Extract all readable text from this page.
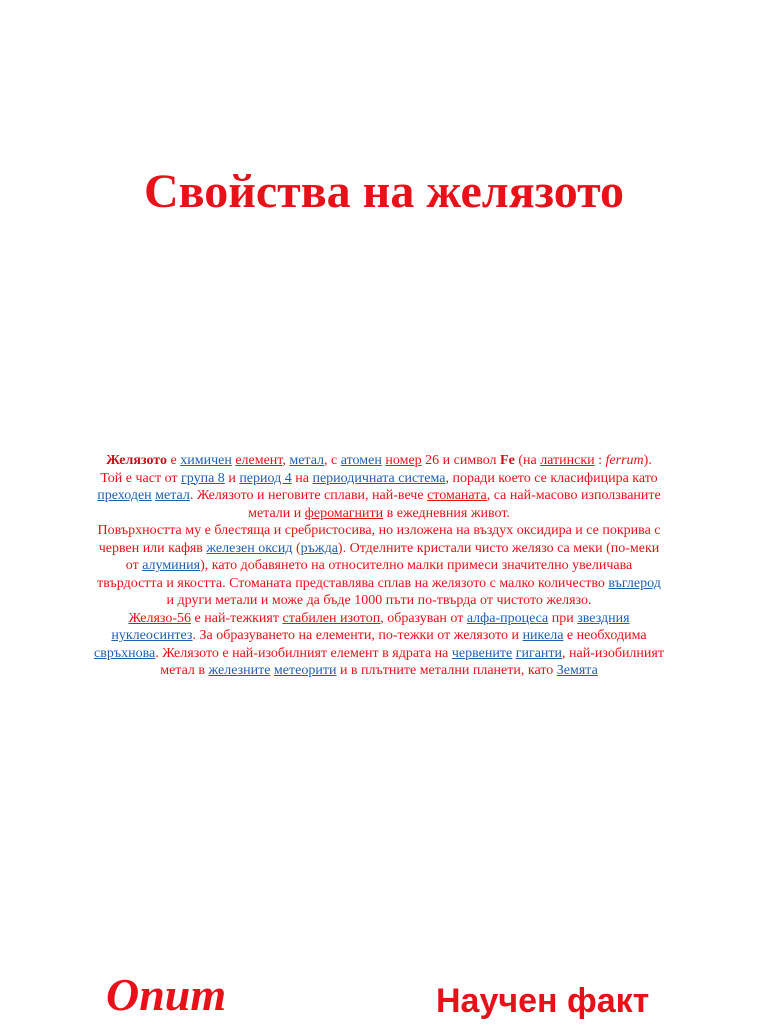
Свойства на желязото

Желязото е химичен елемент, метал, с атомен номер 26 и символ Fe (на латински : ferrum). Той е част от група 8 и период 4 на периодичната система, поради което се класифицира като преходен метал. Желязото и неговите сплави, най-вече стоманата, са най-масово използваните метали и феромагнити в ежедневния живот.

Повърхността му е блестяща и сребристосива, но изложена на въздух оксидира и се покрива с червен или кафяв железен оксид (ръжда). Отделните кристали чисто желязо са меки (по-меки от алуминия), като добавянето на относително малки примеси значително увеличава твърдостта и якостта. Стоманата представлява сплав на желязото с малко количество въглерод и други метали и може да бъде 1000 пъти по-твърда от чистото желязо.

Желязо-56 е най-тежкият стабилен изотоп, образуван от алфа-процеса при звездния нуклеосинтез. За образуването на елементи, по-тежки от желязото и никела е необходима свръхнова. Желязото е най-изобилният елемент в ядрата на червените гиганти, най-изобилният метал в железните метеорити и в плътните метални планети, като Земята

Опит	Научен факт
